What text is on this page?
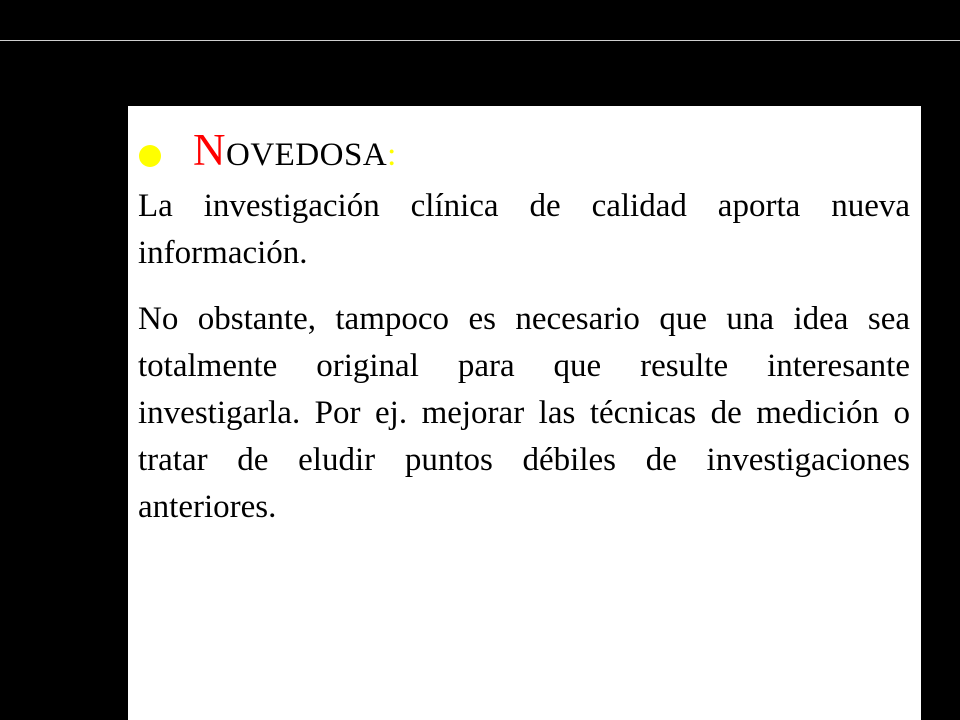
NOVEDOSA:

La investigación clínica de calidad aporta nueva información.

No obstante, tampoco es necesario que una idea sea totalmente original para que resulte interesante investigarla. Por ej. mejorar las técnicas de medición o tratar de eludir puntos débiles de investigaciones anteriores.
